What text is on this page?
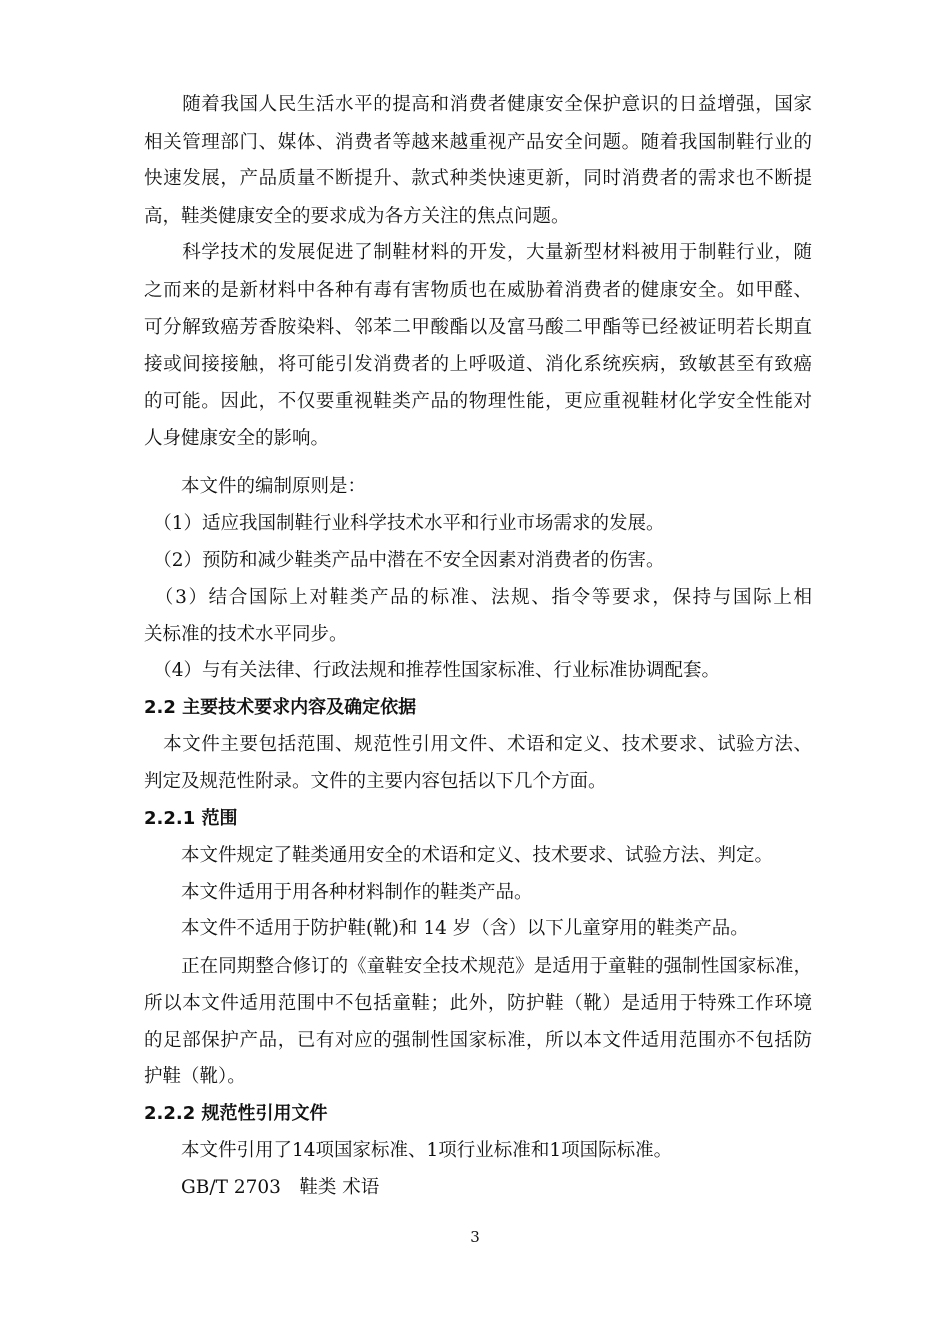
　　随着我国人民生活水平的提高和消费者健康安全保护意识的日益增强，国家
相关管理部门、媒体、消费者等越来越重视产品安全问题。随着我国制鞋行业的
快速发展，产品质量不断提升、款式种类快速更新，同时消费者的需求也不断提
高，鞋类健康安全的要求成为各方关注的焦点问题。
　　科学技术的发展促进了制鞋材料的开发，大量新型材料被用于制鞋行业，随
之而来的是新材料中各种有毒有害物质也在威胁着消费者的健康安全。如甲醛、
可分解致癌芳香胺染料、邻苯二甲酸酯以及富马酸二甲酯等已经被证明若长期直
接或间接接触，将可能引发消费者的上呼吸道、消化系统疾病，致敏甚至有致癌
的可能。因此，不仅要重视鞋类产品的物理性能，更应重视鞋材化学安全性能对
人身健康安全的影响。
　　本文件的编制原则是：
　（1）适应我国制鞋行业科学技术水平和行业市场需求的发展。
　（2）预防和减少鞋类产品中潜在不安全因素对消费者的伤害。
　（3）结合国际上对鞋类产品的标准、法规、指令等要求，保持与国际上相
关标准的技术水平同步。
　（4）与有关法律、行政法规和推荐性国家标准、行业标准协调配套。
2.2 主要技术要求内容及确定依据
　本文件主要包括范围、规范性引用文件、术语和定义、技术要求、试验方法、
判定及规范性附录。文件的主要内容包括以下几个方面。
2.2.1 范围
　　本文件规定了鞋类通用安全的术语和定义、技术要求、试验方法、判定。
　　本文件适用于用各种材料制作的鞋类产品。
　　本文件不适用于防护鞋(靴)和 14 岁（含）以下儿童穿用的鞋类产品。
　　正在同期整合修订的《童鞋安全技术规范》是适用于童鞋的强制性国家标准，
所以本文件适用范围中不包括童鞋；此外，防护鞋（靴）是适用于特殊工作环境
的足部保护产品，已有对应的强制性国家标准，所以本文件适用范围亦不包括防
护鞋（靴）。
2.2.2 规范性引用文件
　　本文件引用了14项国家标准、1项行业标准和1项国际标准。
　　GB/T 2703　鞋类 术语
3
